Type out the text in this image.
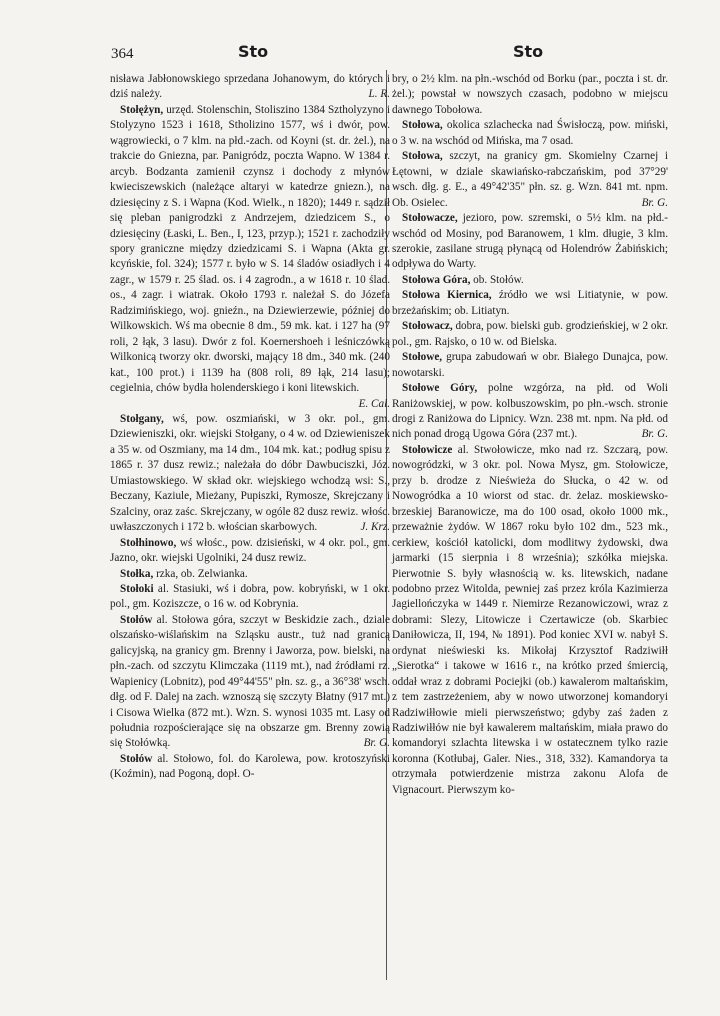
364	Sto	Sto

nisława Jabłonowskiego sprzedana Johanowym, do których i dziś należy.	L. R.

Stołężyn, urzęd. Stolenschin, Stoliszino 1384 Sztholyzyno i Stolyzyno 1523 i 1618, Stholizino 1577, wś i dwór, pow. wągrowiecki, o 7 klm. na płd.-zach. od Koyni (st. dr. żel.), na trakcie do Gniezna, par. Panigródz, poczta Wapno. W 1384 r. arcyb. Bodzanta zamienił czynsz i dochody z młynów kwieciszewskich (należące altaryi w katedrze gniezn.), na dziesięciny z S. i Wapna (Kod. Wielk., n 1820); 1449 r. sądził się pleban panigrodzki z Andrzejem, dziedzicem S., o dziesięciny (Łaski, L. Ben., I, 123, przyp.); 1521 r. zachodziły spory graniczne między dziedzicami S. i Wapna (Akta gr. kcyńskie, fol. 324); 1577 r. było w S. 14 śladów osiadłych i 4 zagr., w 1579 r. 25 ślad. os. i 4 zagrodn., a w 1618 r. 10 ślad. os., 4 zagr. i wiatrak. Około 1793 r. należał S. do Józefa Radzimińskiego, woj. gnieźn., na Dziewierzewie, później do Wilkowskich. Wś ma obecnie 8 dm., 59 mk. kat. i 127 ha (97 roli, 2 łąk, 3 lasu). Dwór z fol. Koernershoeh i leśniczówką Wilkonicą tworzy okr. dworski, mający 18 dm., 340 mk. (240 kat., 100 prot.) i 1139 ha (808 roli, 89 łąk, 214 lasu); cegielnia, chów bydła holenderskiego i koni litewskich.
E. Cal.

Stołgany, wś, pow. oszmiański, w 3 okr. pol., gm. Dziewieniszki, okr. wiejski Stołgany, o 4 w. od Dziewieniszek a 35 w. od Oszmiany, ma 14 dm., 104 mk. kat.; podług spisu z 1865 r. 37 dusz rewiz.; należała do dóbr Dawbuciszki, Józ. Umiastowskiego. W skład okr. wiejskiego wchodzą wsi: S., Beczany, Kaziule, Mieżany, Pupiszki, Rymosze, Skrejczany i Szalciny, oraz zaśc. Skrejczany, w ogóle 82 dusz rewiz. włośc. uwłaszczonych i 172 b. włościan skarbowych.	J. Krz.

Stołhinowo, wś włośc., pow. dzisieński, w 4 okr. pol., gm. Jazno, okr. wiejski Ugolniki, 24 dusz rewiz.

Stołka, rzka, ob. Zelwianka.

Stołoki al. Stasiuki, wś i dobra, pow. kobryński, w 1 okr. pol., gm. Koziszcze, o 16 w. od Kobrynia.

Stołów al. Stołowa góra, szczyt w Beskidzie zach., dziale olszańsko-wiślańskim na Szląsku austr., tuż nad granicą galicyjską, na granicy gm. Brenny i Jaworza, pow. bielski, na płn.-zach. od szczytu Klimczaka (1119 mt.), nad źródłami rz. Wapienicy (Lobnitz), pod 49°44'55" płn. sz. g., a 36°38' wsch. dłg. od F. Dalej na zach. wznoszą się szczyty Błatny (917 mt.) i Cisowa Wielka (872 mt.). Wzn. S. wynosi 1035 mt. Lasy od południa rozpościerające się na obszarze gm. Brenny zowią się Stołówką.	Br. G.

Stołów al. Stołowo, fol. do Karolewa, pow. krotoszyński (Koźmin), nad Pogoną, dopł. O-

bry, o 2½ klm. na płn.-wschód od Borku (par., poczta i st. dr. żel.); powstał w nowszych czasach, podobno w miejscu dawnego Tobołowa.

Stołowa, okolica szlachecka nad Świsłoczą, pow. miński, o 3 w. na wschód od Mińska, ma 7 osad.

Stołowa, szczyt, na granicy gm. Skomielny Czarnej i Łętowni, w dziale skawiańsko-rabczańskim, pod 37°29' wsch. dłg. g. E., a 49°42'35" płn. sz. g. Wzn. 841 mt. npm. Ob. Osielec.	Br. G.

Stołowacze, jezioro, pow. szremski, o 5½ klm. na płd.-wschód od Mosiny, pod Baranowem, 1 klm. długie, 3 klm. szerokie, zasilane strugą płynącą od Holendrów Żabińskich; odpływa do Warty.

Stołowa Góra, ob. Stołów.

Stołowa Kiernica, źródło we wsi Litiatynie, w pow. brzeżańskim; ob. Litiatyn.

Stołowacz, dobra, pow. bielski gub. grodzieńskiej, w 2 okr. pol., gm. Rajsko, o 10 w. od Bielska.

Stołowe, grupa zabudowań w obr. Białego Dunajca, pow. nowotarski.

Stołowe Góry, polne wzgórza, na płd. od Woli Raniżowskiej, w pow. kolbuszowskim, po płn.-wsch. stronie drogi z Raniżowa do Lipnicy. Wzn. 238 mt. npm. Na płd. od nich ponad drogą Ugowa Góra (237 mt.).	Br. G.

Stołowicze al. Stwołowicze, mko nad rz. Szczarą, pow. nowogródzki, w 3 okr. pol. Nowa Mysz, gm. Stołowicze, przy b. drodze z Nieświeża do Słucka, o 42 w. od Nowogródka a 10 wiorst od stac. dr. żelaz. moskiewsko-brzeskiej Baranowicze, ma do 100 osad, około 1000 mk., przeważnie żydów. W 1867 roku było 102 dm., 523 mk., cerkiew, kościół katolicki, dom modlitwy żydowski, dwa jarmarki (15 sierpnia i 8 września); szkółka miejska. Pierwotnie S. były własnością w. ks. litewskich, nadane podobno przez Witolda, pewniej zaś przez króla Kazimierza Jagiellończyka w 1449 r. Niemirze Rezanowiczowi, wraz z dobrami: Slezy, Litowicze i Czertawicze (ob. Skarbiec Daniłowicza, II, 194, № 1891). Pod koniec XVI w. nabył S. ordynat nieświeski ks. Mikołaj Krzysztof Radziwiłł „Sierotka“ i takowe w 1616 r., na krótko przed śmiercią, oddał wraz z dobrami Pociejki (ob.) kawalerom maltańskim, z tem zastrzeżeniem, aby w nowo utworzonej komandoryi Radziwiłłowie mieli pierwszeństwo; gdyby zaś żaden z Radziwiłłów nie był kawalerem maltańskim, miała prawo do komandoryi szlachta litewska i w ostatecznem tylko razie koronna (Kotłubaj, Galer. Nies., 318, 332). Kamandorya ta otrzymała potwierdzenie mistrza zakonu Alofa de Vignacourt. Pierwszym ko-
